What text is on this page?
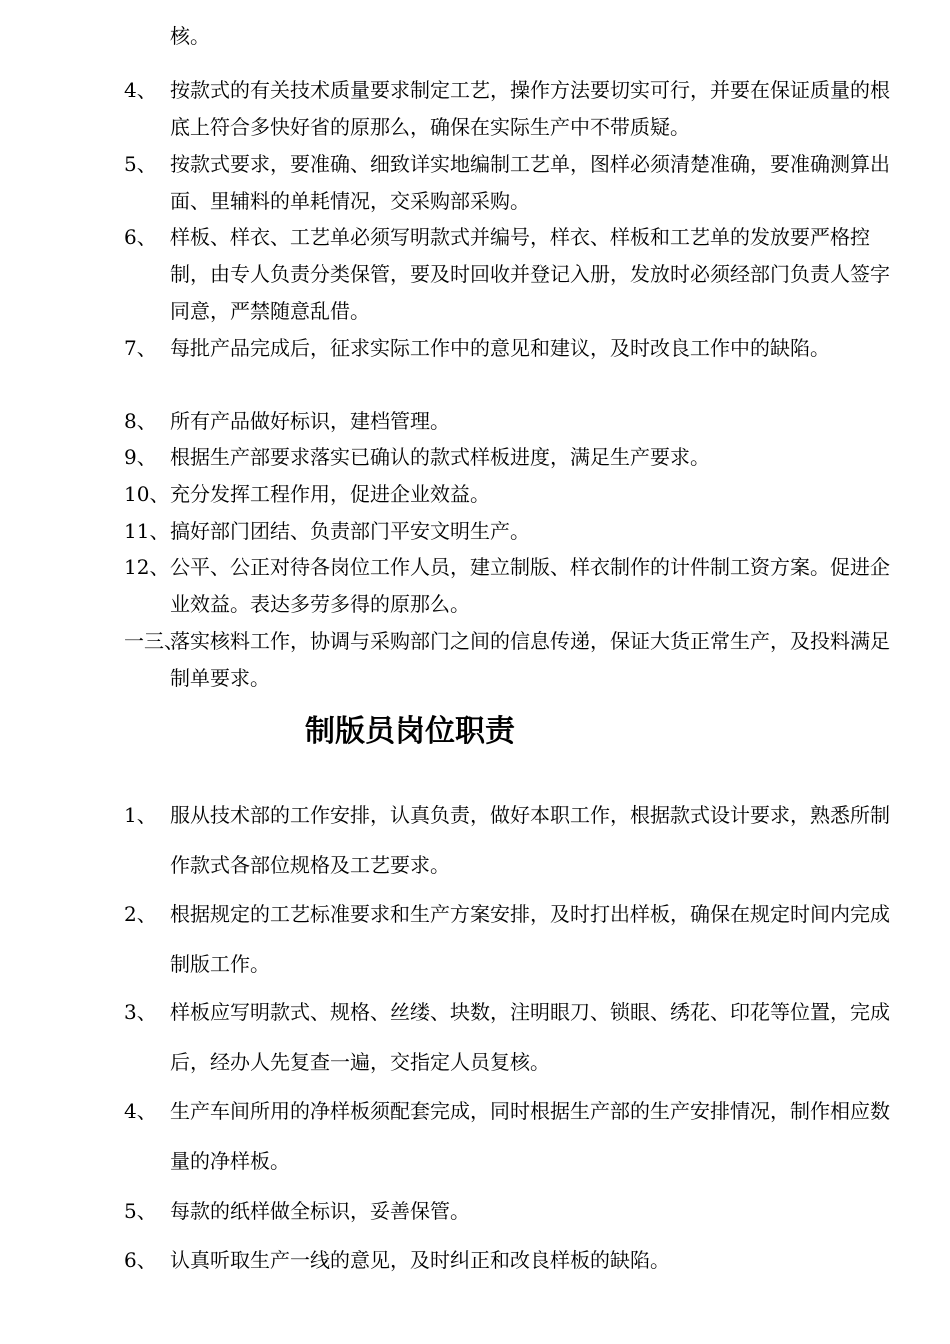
核。
4、 按款式的有关技术质量要求制定工艺，操作方法要切实可行，并要在保证质量的根底上符合多快好省的原那么，确保在实际生产中不带质疑。
5、 按款式要求，要准确、细致详实地编制工艺单，图样必须清楚准确，要准确测算出面、里辅料的单耗情况，交采购部采购。
6、 样板、样衣、工艺单必须写明款式并编号，样衣、样板和工艺单的发放要严格控制，由专人负责分类保管，要及时回收并登记入册，发放时必须经部门负责人签字同意，严禁随意乱借。
7、 每批产品完成后，征求实际工作中的意见和建议，及时改良工作中的缺陷。
8、 所有产品做好标识，建档管理。
9、 根据生产部要求落实已确认的款式样板进度，满足生产要求。
10、 充分发挥工程作用，促进企业效益。
11、 搞好部门团结、负责部门平安文明生产。
12、 公平、公正对待各岗位工作人员，建立制版、样衣制作的计件制工资方案。促进企业效益。表达多劳多得的原那么。
一三、
落实核料工作，协调与采购部门之间的信息传递，保证大货正常生产，及投料满足制单要求。
制版员岗位职责
1、 服从技术部的工作安排，认真负责，做好本职工作，根据款式设计要求，熟悉所制作款式各部位规格及工艺要求。
2、 根据规定的工艺标准要求和生产方案安排，及时打出样板，确保在规定时间内完成制版工作。
3、 样板应写明款式、规格、丝缕、块数，注明眼刀、锁眼、绣花、印花等位置，完成后，经办人先复查一遍，交指定人员复核。
4、 生产车间所用的净样板须配套完成，同时根据生产部的生产安排情况，制作相应数量的净样板。
5、 每款的纸样做全标识，妥善保管。
6、 认真听取生产一线的意见，及时纠正和改良样板的缺陷。
